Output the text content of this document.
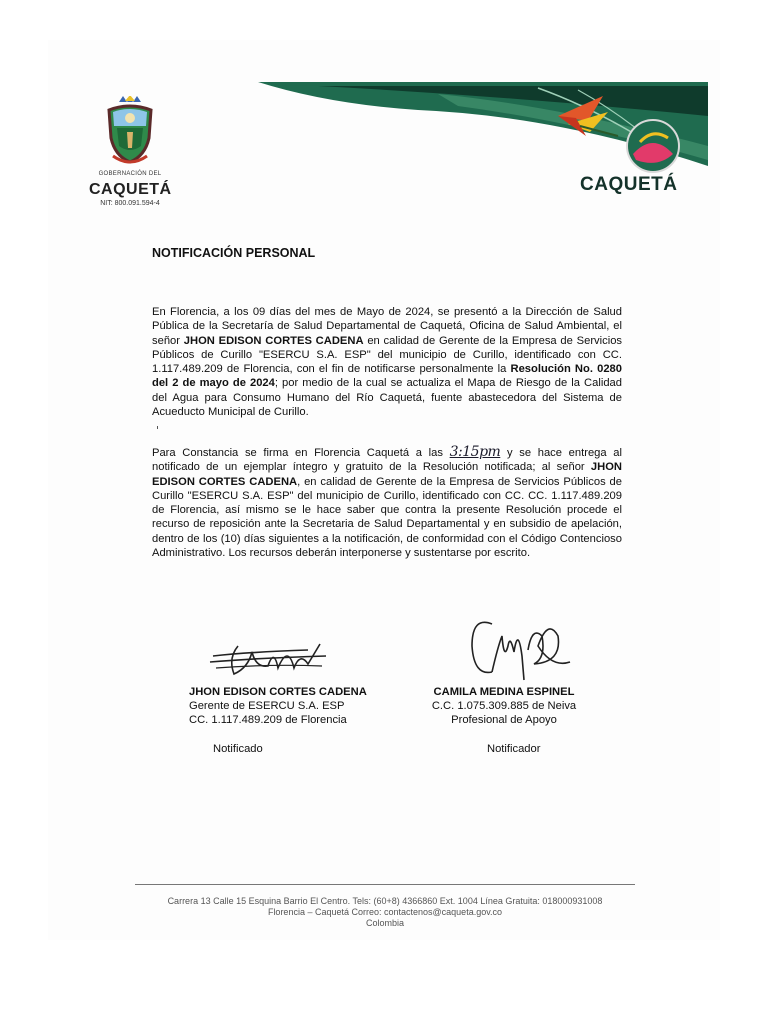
GOBERNACIÓN DEL
CAQUETÁ
NIT: 800.091.594-4
CAQUETÁ
NOTIFICACIÓN PERSONAL
En Florencia, a los 09 días del mes de Mayo de 2024, se presentó a la Dirección de Salud Pública de la Secretaría de Salud Departamental de Caquetá, Oficina de Salud Ambiental, el señor JHON EDISON CORTES CADENA en calidad de Gerente de la Empresa de Servicios Públicos de Curillo "ESERCU S.A. ESP" del municipio de Curillo, identificado con CC. 1.117.489.209 de Florencia, con el fin de notificarse personalmente la Resolución No. 0280 del 2 de mayo de 2024; por medio de la cual se actualiza el Mapa de Riesgo de la Calidad del Agua para Consumo Humano del Río Caquetá, fuente abastecedora del Sistema de Acueducto Municipal de Curillo.
Para Constancia se firma en Florencia Caquetá a las 3:15pm y se hace entrega al notificado de un ejemplar íntegro y gratuito de la Resolución notificada; al señor JHON EDISON CORTES CADENA, en calidad de Gerente de la Empresa de Servicios Públicos de Curillo "ESERCU S.A. ESP" del municipio de Curillo, identificado con CC. CC. 1.117.489.209 de Florencia, así mismo se le hace saber que contra la presente Resolución procede el recurso de reposición ante la Secretaria de Salud Departamental y en subsidio de apelación, dentro de los (10) días siguientes a la notificación, de conformidad con el Código Contencioso Administrativo. Los recursos deberán interponerse y sustentarse por escrito.
JHON EDISON CORTES CADENA
Gerente de ESERCU S.A. ESP
CC. 1.117.489.209 de Florencia
CAMILA MEDINA ESPINEL
C.C. 1.075.309.885 de Neiva
Profesional de Apoyo
Notificado	Notificador
Carrera 13 Calle 15 Esquina Barrio El Centro. Tels: (60+8) 4366860 Ext. 1004 Línea Gratuita: 018000931008
Florencia – Caquetá Correo: contactenos@caqueta.gov.co
Colombia
